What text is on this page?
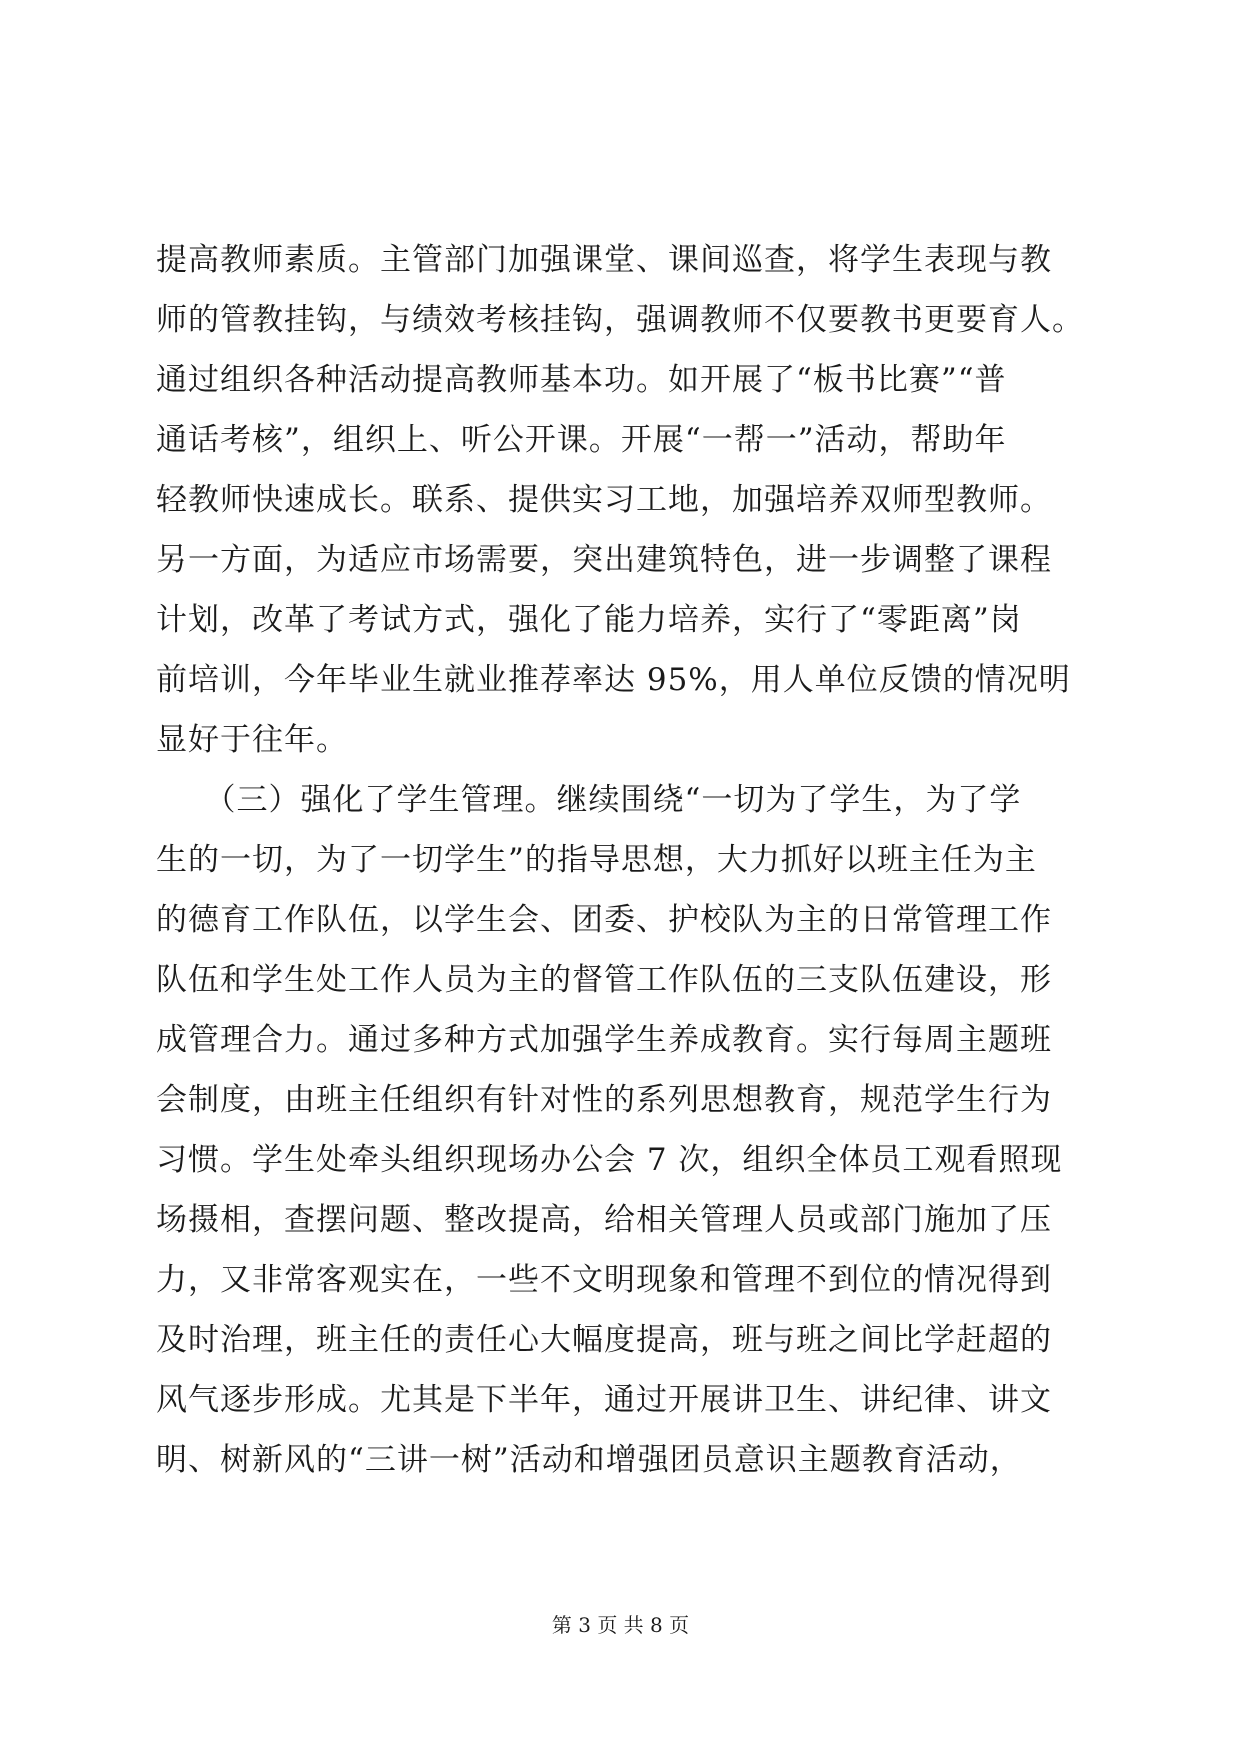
提高教师素质。主管部门加强课堂、课间巡查，将学生表现与教
师的管教挂钩，与绩效考核挂钩，强调教师不仅要教书更要育人。
通过组织各种活动提高教师基本功。如开展了“板书比赛”“普
通话考核”，组织上、听公开课。开展“一帮一”活动，帮助年
轻教师快速成长。联系、提供实习工地，加强培养双师型教师。
另一方面，为适应市场需要，突出建筑特色，进一步调整了课程
计划，改革了考试方式，强化了能力培养，实行了“零距离”岗
前培训，今年毕业生就业推荐率达 95%，用人单位反馈的情况明
显好于往年。
　　（三）强化了学生管理。继续围绕“一切为了学生，为了学
生的一切，为了一切学生”的指导思想，大力抓好以班主任为主
的德育工作队伍，以学生会、团委、护校队为主的日常管理工作
队伍和学生处工作人员为主的督管工作队伍的三支队伍建设，形
成管理合力。通过多种方式加强学生养成教育。实行每周主题班
会制度，由班主任组织有针对性的系列思想教育，规范学生行为
习惯。学生处牵头组织现场办公会 7 次，组织全体员工观看照现
场摄相，查摆问题、整改提高，给相关管理人员或部门施加了压
力，又非常客观实在，一些不文明现象和管理不到位的情况得到
及时治理，班主任的责任心大幅度提高，班与班之间比学赶超的
风气逐步形成。尤其是下半年，通过开展讲卫生、讲纪律、讲文
明、树新风的“三讲一树”活动和增强团员意识主题教育活动，
第 3 页 共 8 页
